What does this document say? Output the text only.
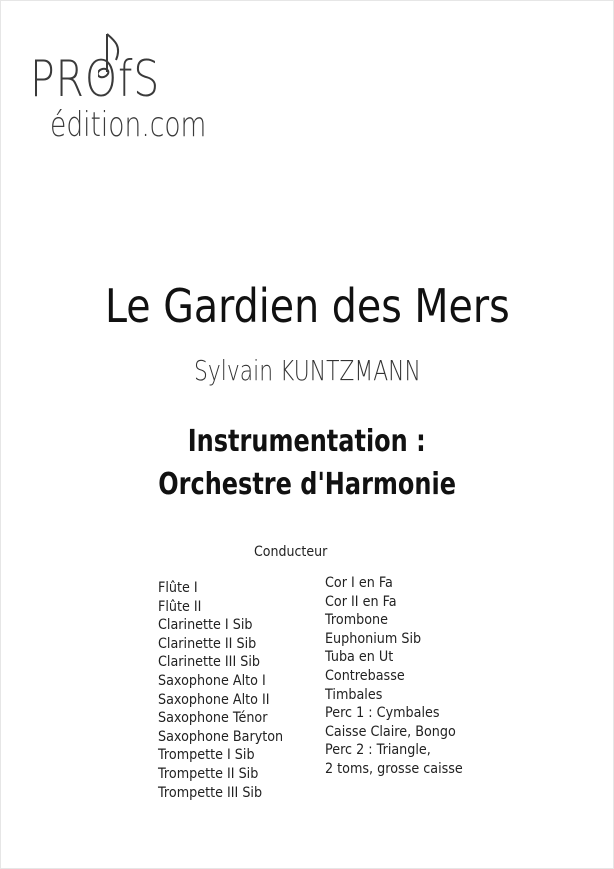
PROfS
édition.com
Le Gardien des Mers
Sylvain KUNTZMANN
Instrumentation :
Orchestre d'Harmonie
Conducteur
Flûte I
Flûte II
Clarinette I Sib
Clarinette II Sib
Clarinette III Sib
Saxophone Alto I
Saxophone Alto II
Saxophone Ténor
Saxophone Baryton
Trompette I Sib
Trompette II Sib
Trompette III Sib
Cor I en Fa
Cor II en Fa
Trombone
Euphonium Sib
Tuba en Ut
Contrebasse
Timbales
Perc 1 : Cymbales
Caisse Claire, Bongo
Perc 2 : Triangle,
2 toms, grosse caisse
